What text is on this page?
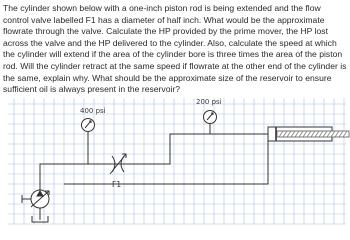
The cylinder shown below with a one-inch piston rod is being extended and the flow control valve labelled F1 has a diameter of half inch. What would be the approximate flowrate through the valve. Calculate the HP provided by the prime mover, the HP lost across the valve and the HP delivered to the cylinder. Also, calculate the speed at which the cylinder will extend if the area of the cylinder bore is three times the area of the piston rod. Will the cylinder retract at the same speed if flowrate at the other end of the cylinder is the same, explain why. What should be the approximate size of the reservoir to ensure sufficient oil is always present in the reservoir?

400 psi
200 psi
F1
